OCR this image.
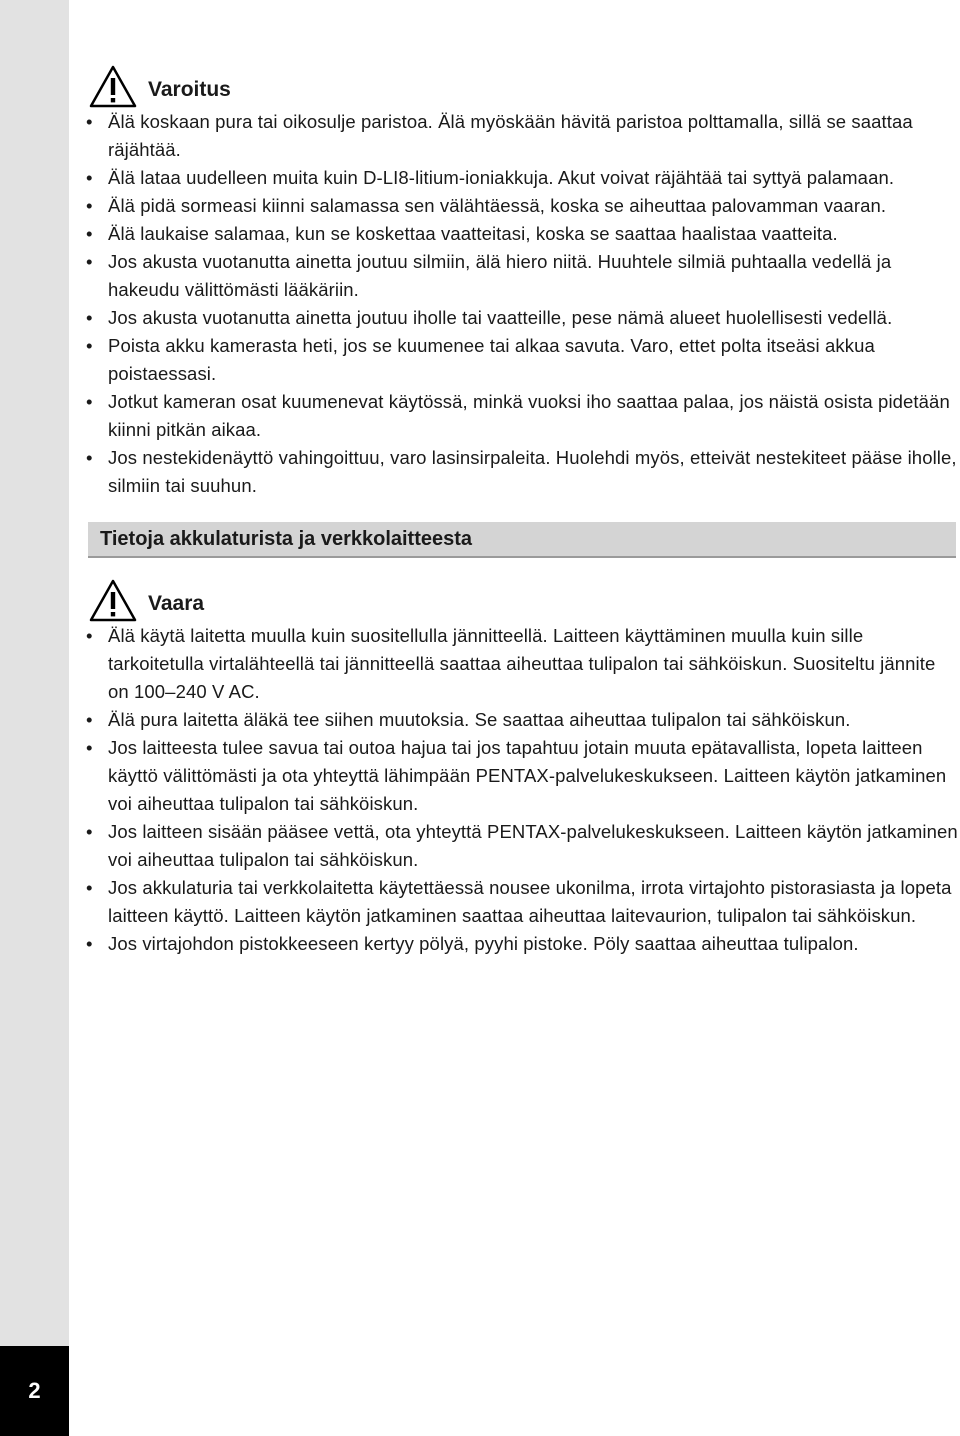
2
Varoitus
• Älä koskaan pura tai oikosulje paristoa. Älä myöskään hävitä paristoa polttamalla, sillä se saattaa räjähtää.
• Älä lataa uudelleen muita kuin D-LI8-litium-ioniakkuja. Akut voivat räjähtää tai syttyä palamaan.
• Älä pidä sormeasi kiinni salamassa sen välähtäessä, koska se aiheuttaa palovamman vaaran.
• Älä laukaise salamaa, kun se koskettaa vaatteitasi, koska se saattaa haalistaa vaatteita.
• Jos akusta vuotanutta ainetta joutuu silmiin, älä hiero niitä. Huuhtele silmiä puhtaalla vedellä ja hakeudu välittömästi lääkäriin.
• Jos akusta vuotanutta ainetta joutuu iholle tai vaatteille, pese nämä alueet huolellisesti vedellä.
• Poista akku kamerasta heti, jos se kuumenee tai alkaa savuta. Varo, ettet polta itseäsi akkua poistaessasi.
• Jotkut kameran osat kuumenevat käytössä, minkä vuoksi iho saattaa palaa, jos näistä osista pidetään kiinni pitkän aikaa.
• Jos nestekidenäyttö vahingoittuu, varo lasinsirpaleita. Huolehdi myös, etteivät nestekiteet pääse iholle, silmiin tai suuhun.
Tietoja akkulaturista ja verkkolaitteesta
Vaara
• Älä käytä laitetta muulla kuin suositellulla jännitteellä. Laitteen käyttäminen muulla kuin sille tarkoitetulla virtalähteellä tai jännitteellä saattaa aiheuttaa tulipalon tai sähköiskun. Suositeltu jännite on 100–240 V AC.
• Älä pura laitetta äläkä tee siihen muutoksia. Se saattaa aiheuttaa tulipalon tai sähköiskun.
• Jos laitteesta tulee savua tai outoa hajua tai jos tapahtuu jotain muuta epätavallista, lopeta laitteen käyttö välittömästi ja ota yhteyttä lähimpään PENTAX-palvelukeskukseen. Laitteen käytön jatkaminen voi aiheuttaa tulipalon tai sähköiskun.
• Jos laitteen sisään pääsee vettä, ota yhteyttä PENTAX-palvelukeskukseen. Laitteen käytön jatkaminen voi aiheuttaa tulipalon tai sähköiskun.
• Jos akkulaturia tai verkkolaitetta käytettäessä nousee ukonilma, irrota virtajohto pistorasiasta ja lopeta laitteen käyttö. Laitteen käytön jatkaminen saattaa aiheuttaa laitevaurion, tulipalon tai sähköiskun.
• Jos virtajohdon pistokkeeseen kertyy pölyä, pyyhi pistoke. Pöly saattaa aiheuttaa tulipalon.
